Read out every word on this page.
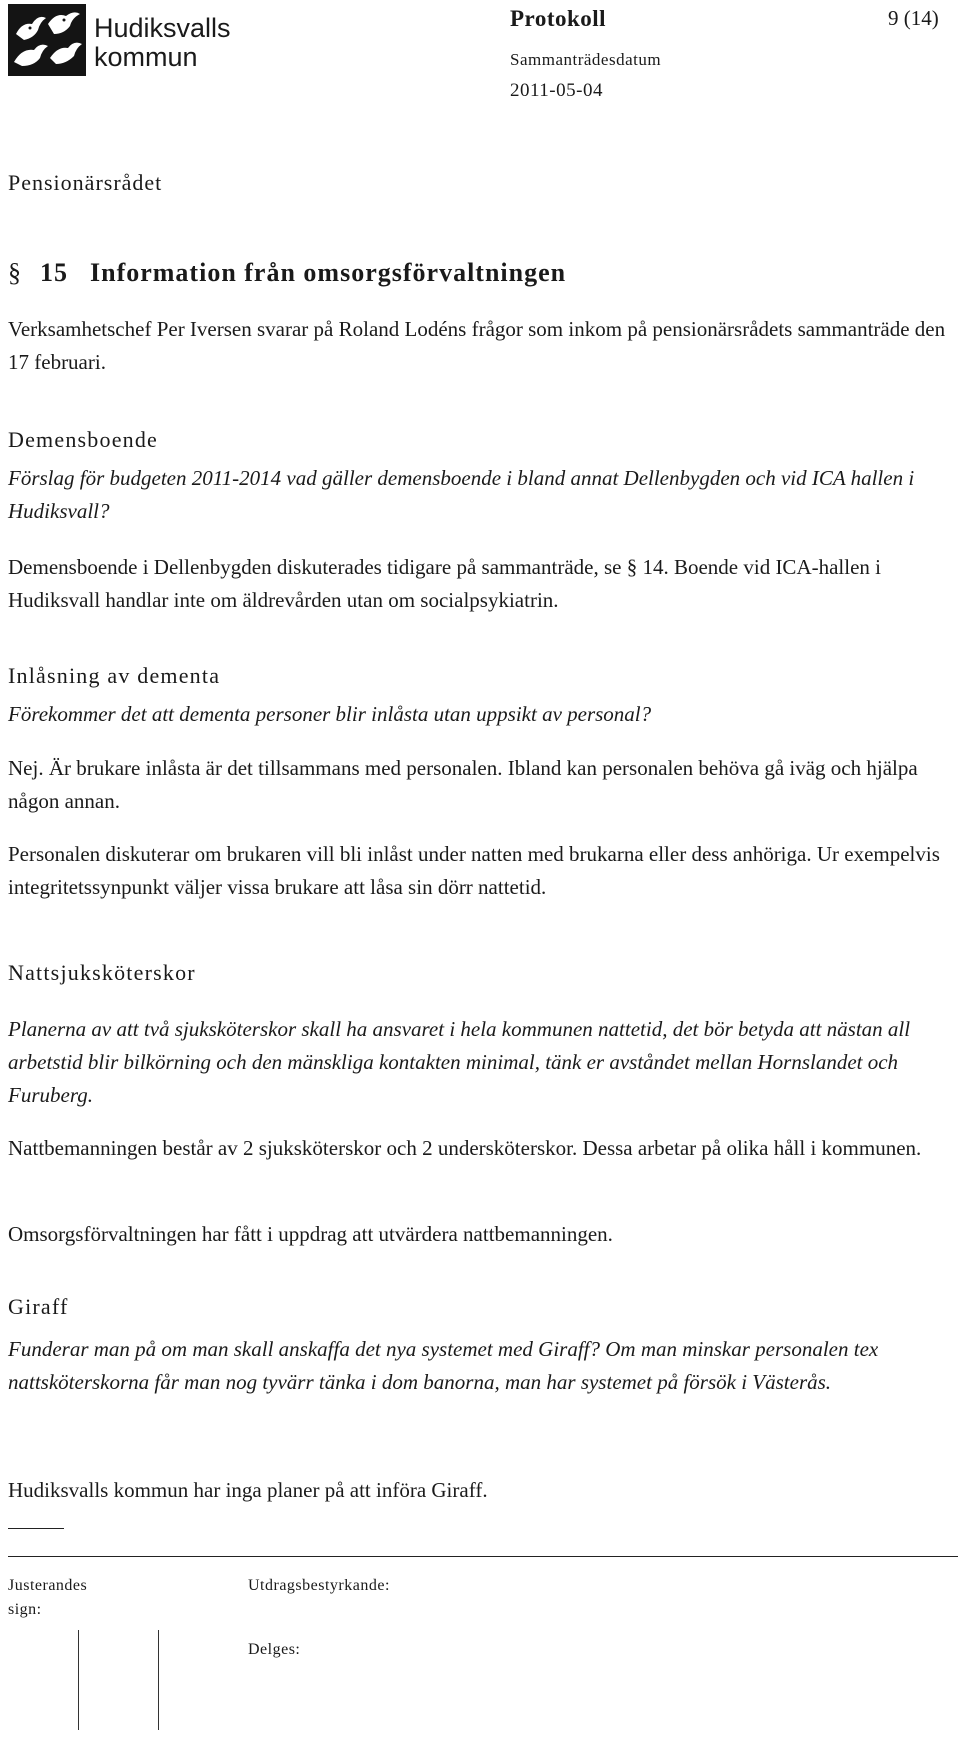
Hudiksvalls
kommun
Protokoll	9 (14)
Sammanträdesdatum
2011-05-04
Pensionärsrådet
§ 15 Information från omsorgsförvaltningen
Verksamhetschef Per Iversen svarar på Roland Lodéns frågor som inkom på pensionärsrådets sammanträde den 17 februari.
Demensboende
Förslag för budgeten 2011-2014 vad gäller demensboende i bland annat Dellenbygden och vid ICA hallen i Hudiksvall?
Demensboende i Dellenbygden diskuterades tidigare på sammanträde, se § 14. Boende vid ICA-hallen i Hudiksvall handlar inte om äldrevården utan om socialpsykiatrin.
Inlåsning av dementa
Förekommer det att dementa personer blir inlåsta utan uppsikt av personal?
Nej. Är brukare inlåsta är det tillsammans med personalen. Ibland kan personalen behöva gå iväg och hjälpa någon annan.
Personalen diskuterar om brukaren vill bli inlåst under natten med brukarna eller dess anhöriga. Ur exempelvis integritetssynpunkt väljer vissa brukare att låsa sin dörr nattetid.
Nattsjuksköterskor
Planerna av att två sjuksköterskor skall ha ansvaret i hela kommunen nattetid, det bör betyda att nästan all arbetstid blir bilkörning och den mänskliga kontakten minimal, tänk er avståndet mellan Hornslandet och Furuberg.
Nattbemanningen består av 2 sjuksköterskor och 2 undersköterskor. Dessa arbetar på olika håll i kommunen.
Omsorgsförvaltningen har fått i uppdrag att utvärdera nattbemanningen.
Giraff
Funderar man på om man skall anskaffa det nya systemet med Giraff? Om man minskar personalen tex nattsköterskorna får man nog tyvärr tänka i dom banorna, man har systemet på försök i Västerås.
Hudiksvalls kommun har inga planer på att införa Giraff.
Justerandes
sign:
Utdragsbestyrkande:
Delges:
